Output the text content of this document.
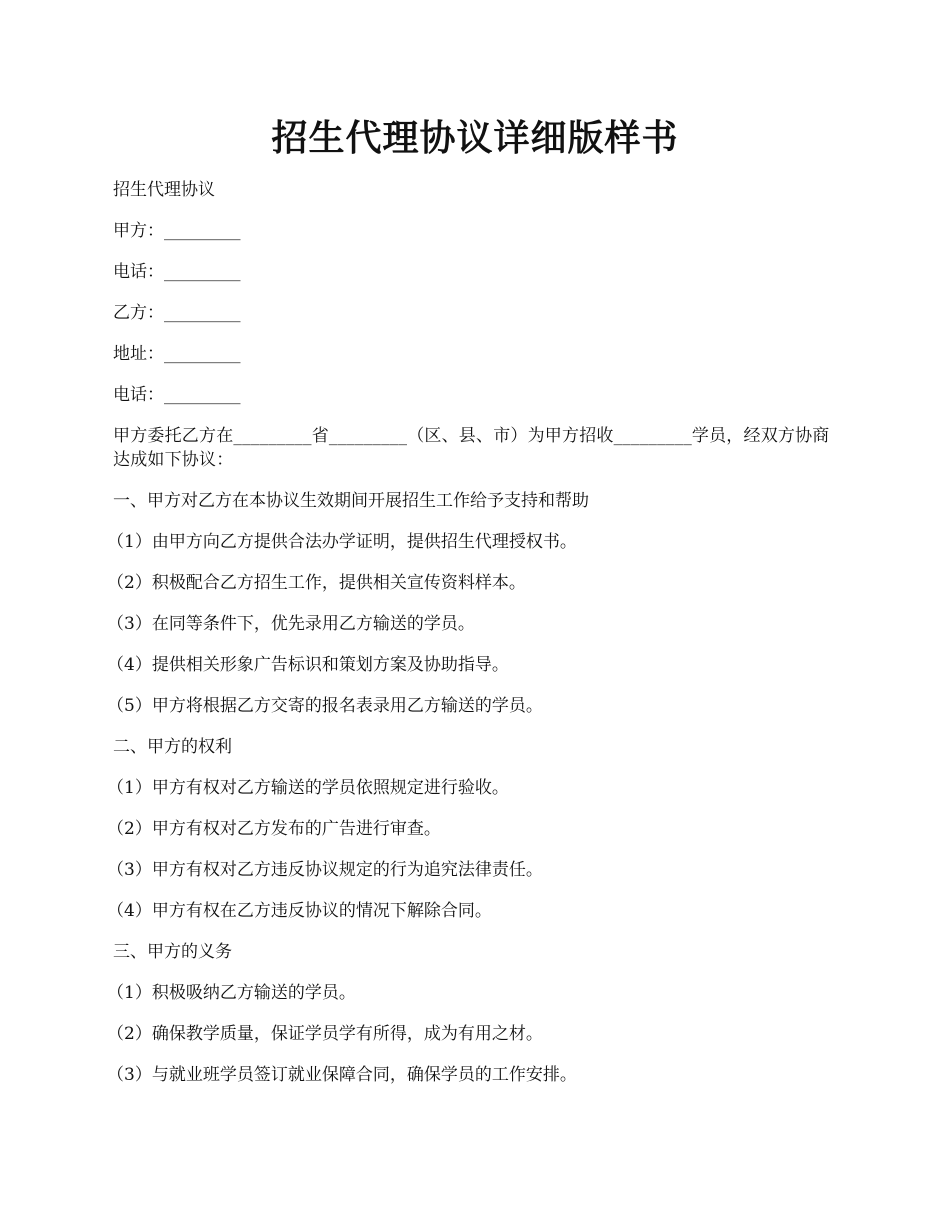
招生代理协议详细版样书

招生代理协议

甲方：_________

电话：_________

乙方：_________

地址：_________

电话：_________

甲方委托乙方在_________省_________（区、县、市）为甲方招收_________学员，经双方协商达成如下协议：

一、甲方对乙方在本协议生效期间开展招生工作给予支持和帮助

（1）由甲方向乙方提供合法办学证明，提供招生代理授权书。

（2）积极配合乙方招生工作，提供相关宣传资料样本。

（3）在同等条件下，优先录用乙方输送的学员。

（4）提供相关形象广告标识和策划方案及协助指导。

（5）甲方将根据乙方交寄的报名表录用乙方输送的学员。

二、甲方的权利

（1）甲方有权对乙方输送的学员依照规定进行验收。

（2）甲方有权对乙方发布的广告进行审查。

（3）甲方有权对乙方违反协议规定的行为追究法律责任。

（4）甲方有权在乙方违反协议的情况下解除合同。

三、甲方的义务

（1）积极吸纳乙方输送的学员。

（2）确保教学质量，保证学员学有所得，成为有用之材。

（3）与就业班学员签订就业保障合同，确保学员的工作安排。
